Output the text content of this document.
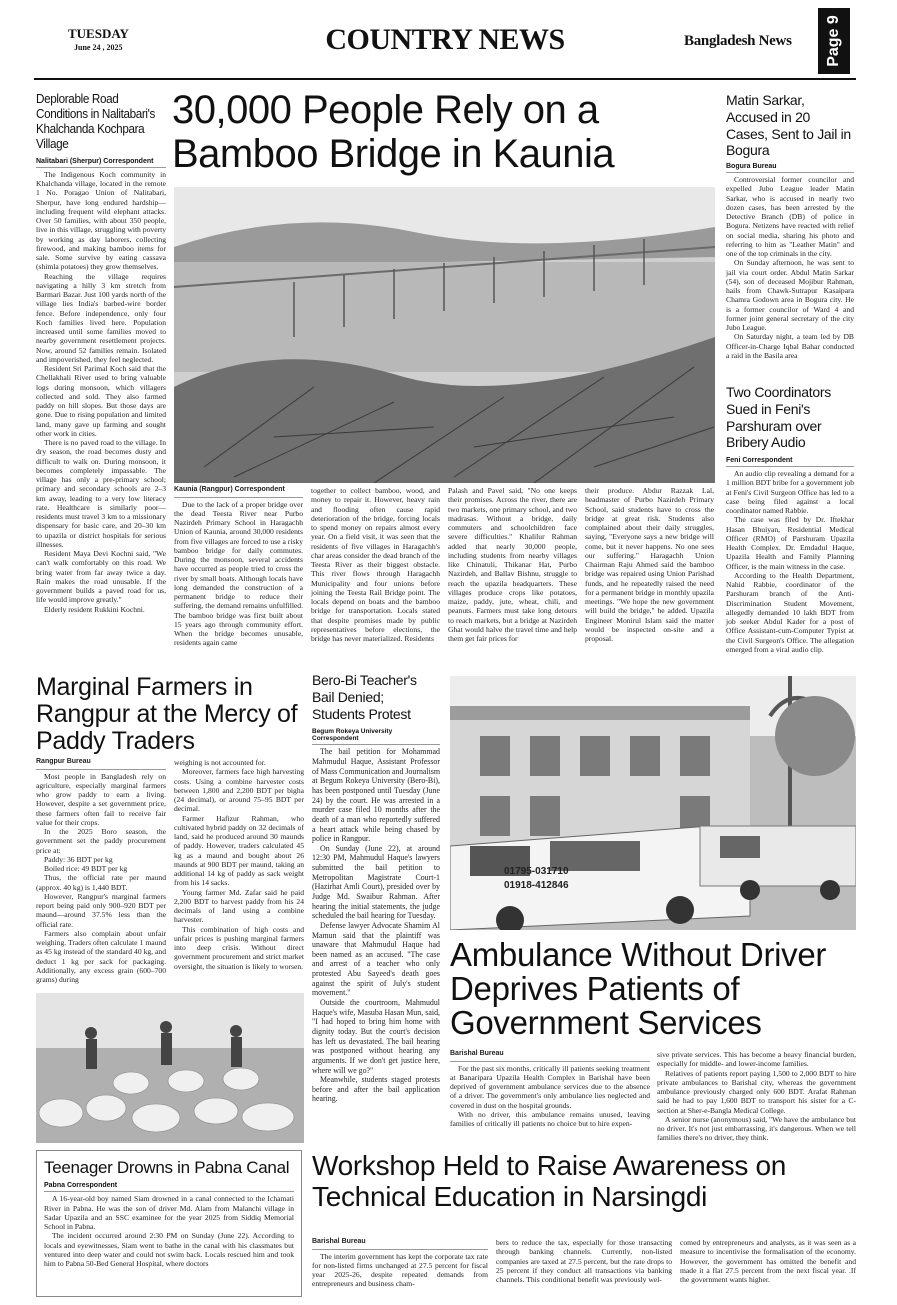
TUESDAY
June 24 , 2025	COUNTRY NEWS	Bangladesh News Page 9
Deplorable Road Conditions in Nalitabari's Khalchanda Kochpara Village
Nalitabari (Sherpur) Correspondent

The Indigenous Koch community in Khalchanda village, located in the remote 1 No. Poragao Union of Nalitabari, Sherpur, have long endured hardship—including frequent wild elephant attacks. Over 50 families, with about 350 people, live in this village, struggling with poverty by working as day laborers, collecting firewood, and making bamboo items for sale. Some survive by eating cassava (shimla potatoes) they grow themselves.

Reaching the village requires navigating a hilly 3 km stretch from Barmari Bazar. Just 100 yards north of the village lies India's barbed-wire border fence. Before independence, only four Koch families lived here. Population increased until some families moved to nearby government resettlement projects. Now, around 52 families remain. Isolated and impoverished, they feel neglected.

Resident Sri Parimal Koch said that the Chellakhali River used to bring valuable logs during monsoon, which villagers collected and sold. They also farmed paddy on hill slopes. But those days are gone. Due to rising population and limited land, many gave up farming and sought other work in cities.

There is no paved road to the village. In dry season, the road becomes dusty and difficult to walk on. During monsoon, it becomes completely impassable. The village has only a pre-primary school; primary and secondary schools are 2–3 km away, leading to a very low literacy rate. Healthcare is similarly poor—residents must travel 3 km to a missionary dispensary for basic care, and 20–30 km to upazila or district hospitals for serious illnesses.

Resident Maya Devi Kochni said, "We can't walk comfortably on this road. We bring water from far away twice a day. Rain makes the road unusable. If the government builds a paved road for us, life would improve greatly."

Elderly resident Rukkini Kochni.

30,000 People Rely on a Bamboo Bridge in Kaunia
Kaunia (Rangpur) Correspondent

Due to the lack of a proper bridge over the dead Teesta River near Purbo Nazirdeh Primary School in Haragachh Union of Kaunia, around 30,000 residents from five villages are forced to use a risky bamboo bridge for daily commutes. During the monsoon, several accidents have occurred as people tried to cross the river by small boats. Although locals have long demanded the construction of a permanent bridge to reduce their suffering, the demand remains unfulfilled. The bamboo bridge was first built about 15 years ago through community effort. When the bridge becomes unusable, residents again came

together to collect bamboo, wood, and money to repair it. However, heavy rain and flooding often cause rapid deterioration of the bridge, forcing locals to spend money on repairs almost every year. On a field visit, it was seen that the residents of five villages in Haragachh's char areas consider the dead branch of the Teesta River as their biggest obstacle. This river flows through Haragachh Municipality and four unions before joining the Teesta Rail Bridge point. The locals depend on boats and the bamboo bridge for transportation. Locals stated that despite promises made by public representatives before elections, the bridge has never materialized. Residents

Palash and Pavel said, "No one keeps their promises. Across the river, there are two markets, one primary school, and two madrasas. Without a bridge, daily commuters and schoolchildren face severe difficulties." Khalilur Rahman added that nearly 30,000 people, including students from nearby villages like Chinatuli, Thikanar Hat, Purbo Nazirdeh, and Ballav Bishnu, struggle to reach the upazila headquarters. These villages produce crops like potatoes, maize, paddy, jute, wheat, chili, and peanuts. Farmers must take long detours to reach markets, but a bridge at Nazirdeh Ghat would halve the travel time and help them get fair prices for

their produce. Abdur Razzak Lal, headmaster of Purbo Nazirdeh Primary School, said students have to cross the bridge at great risk. Students also complained about their daily struggles, saying, "Everyone says a new bridge will come, but it never happens. No one sees our suffering." Haragachh Union Chairman Raju Ahmed said the bamboo bridge was repaired using Union Parishad funds, and he repeatedly raised the need for a permanent bridge in monthly upazila meetings. "We hope the new government will build the bridge," he added. Upazila Engineer Monirul Islam said the matter would be inspected on-site and a proposal.

Matin Sarkar, Accused in 20 Cases, Sent to Jail in Bogura
Bogura Bureau

Controversial former councilor and expelled Jubo League leader Matin Sarkar, who is accused in nearly two dozen cases, has been arrested by the Detective Branch (DB) of police in Bogura. Netizens have reacted with relief on social media, sharing his photo and referring to him as "Leather Matin" and one of the top criminals in the city.

On Sunday afternoon, he was sent to jail via court order. Abdul Matin Sarkar (54), son of deceased Mojibur Rahman, hails from Chawk-Sutrapur Kasaipara Chamra Godown area in Bogura city. He is a former councilor of Ward 4 and former joint general secretary of the city Jubo League.

On Saturday night, a team led by DB Officer-in-Charge Iqbal Bahar conducted a raid in the Basila area

Two Coordinators Sued in Feni's Parshuram over Bribery Audio
Feni Correspondent

An audio clip revealing a demand for a 1 million BDT bribe for a government job at Feni's Civil Surgeon Office has led to a case being filed against a local coordinator named Rabbie.

The case was filed by Dr. Iftekhar Hasan Bhuiyan, Residential Medical Officer (RMO) of Parshuram Upazila Health Complex. Dr. Emdadul Haque, Upazila Health and Family Planning Officer, is the main witness in the case.

According to the Health Department, Nahid Rabbie, coordinator of the Parshuram branch of the Anti-Discrimination Student Movement, allegedly demanded 10 lakh BDT from job seeker Abdul Kader for a post of Office Assistant-cum-Computer Typist at the Civil Surgeon's Office. The allegation emerged from a viral audio clip.

Marginal Farmers in Rangpur at the Mercy of Paddy Traders
Rangpur Bureau

Most people in Bangladesh rely on agriculture, especially marginal farmers who grow paddy to earn a living. However, despite a set government price, these farmers often fail to receive fair value for their crops.

In the 2025 Boro season, the government set the paddy procurement price at:

Paddy: 36 BDT per kg

Boiled rice: 49 BDT per kg

Thus, the official rate per maund (approx. 40 kg) is 1,440 BDT.

However, Rangpur's marginal farmers report being paid only 900–920 BDT per maund—around 37.5% less than the official rate.

Farmers also complain about unfair weighing. Traders often calculate 1 maund as 45 kg instead of the standard 40 kg, and deduct 1 kg per sack for packaging. Additionally, any excess grain (600–700 grams) during

weighing is not accounted for.

Moreover, farmers face high harvesting costs. Using a combine harvester costs between 1,800 and 2,200 BDT per bigha (24 decimal), or around 75–95 BDT per decimal.

Farmer Hafizur Rahman, who cultivated hybrid paddy on 32 decimals of land, said he produced around 30 maunds of paddy. However, traders calculated 45 kg as a maund and bought about 26 maunds at 900 BDT per maund, taking an additional 14 kg of paddy as sack weight from his 14 sacks.

Young farmer Md. Zafar said he paid 2,200 BDT to harvest paddy from his 24 decimals of land using a combine harvester.

This combination of high costs and unfair prices is pushing marginal farmers into deep crisis. Without direct government procurement and strict market oversight, the situation is likely to worsen.

Bero-Bi Teacher's Bail Denied; Students Protest
Begum Rokeya University Correspondent

The bail petition for Mohammad Mahmudul Haque, Assistant Professor of Mass Communication and Journalism at Begum Rokeya University (Bero-Bi), has been postponed until Tuesday (June 24) by the court. He was arrested in a murder case filed 10 months after the death of a man who reportedly suffered a heart attack while being chased by police in Rangpur.

On Sunday (June 22), at around 12:30 PM, Mahmudul Haque's lawyers submitted the bail petition to Metropolitan Magistrate Court-1 (Hazirhat Amli Court), presided over by Judge Md. Swaibur Rahman. After hearing the initial statements, the judge scheduled the bail hearing for Tuesday.

Defense lawyer Advocate Shamim Al Mamun said that the plaintiff was unaware that Mahmudul Haque had been named as an accused. "The case and arrest of a teacher who only protested Abu Sayeed's death goes against the spirit of July's student movement."

Outside the courtroom, Mahmudul Haque's wife, Masuba Hasan Mun, said, "I had hoped to bring him home with dignity today. But the court's decision has left us devastated. The bail hearing was postponed without hearing any arguments. If we don't get justice here, where will we go?"

Meanwhile, students staged protests before and after the bail application hearing.

01795-031710
01918-412846
Ambulance Without Driver Deprives Patients of Government Services
Barishal Bureau

For the past six months, critically ill patients seeking treatment at Banaripara Upazila Health Complex in Barishal have been deprived of government ambulance services due to the absence of a driver. The government's only ambulance lies neglected and covered in dust on the hospital grounds.

With no driver, this ambulance remains unused, leaving families of critically ill patients no choice but to hire expen-

sive private services. This has become a heavy financial burden, especially for middle- and lower-income families.

Relatives of patients report paying 1,500 to 2,000 BDT to hire private ambulances to Barishal city, whereas the government ambulance previously charged only 600 BDT. Arafat Rahman said he had to pay 1,600 BDT to transport his sister for a C-section at Sher-e-Bangla Medical College.

A senior nurse (anonymous) said, "We have the ambulance but no driver. It's not just embarrassing, it's dangerous. When we tell families there's no driver, they think.

Teenager Drowns in Pabna Canal
Pabna Correspondent

A 16-year-old boy named Siam drowned in a canal connected to the Ichamati River in Pabna. He was the son of driver Md. Alam from Malanchi village in Sadar Upazila and an SSC examinee for the year 2025 from Siddiq Memorial School in Pabna.

The incident occurred around 2:30 PM on Sunday (June 22). According to locals and eyewitnesses, Siam went to bathe in the canal with his classmates but ventured into deep water and could not swim back. Locals rescued him and took him to Pabna 50-Bed General Hospital, where doctors

Workshop Held to Raise Awareness on Technical Education in Narsingdi
Barishal Bureau

The interim government has kept the corporate tax rate for non-listed firms unchanged at 27.5 percent for fiscal year 2025-26, despite repeated demands from entrepreneurs and business cham-

bers to reduce the tax, especially for those transacting through banking channels. Currently, non-listed companies are taxed at 27.5 percent, but the rate drops to 25 percent if they conduct all transactions via banking channels. This conditional benefit was previously wel-

comed by entrepreneurs and analysts, as it was seen as a measure to incentivise the formalisation of the economy. However, the government has omitted the benefit and made it a flat 27.5 percent from the next fiscal year. .If the government wants higher.
